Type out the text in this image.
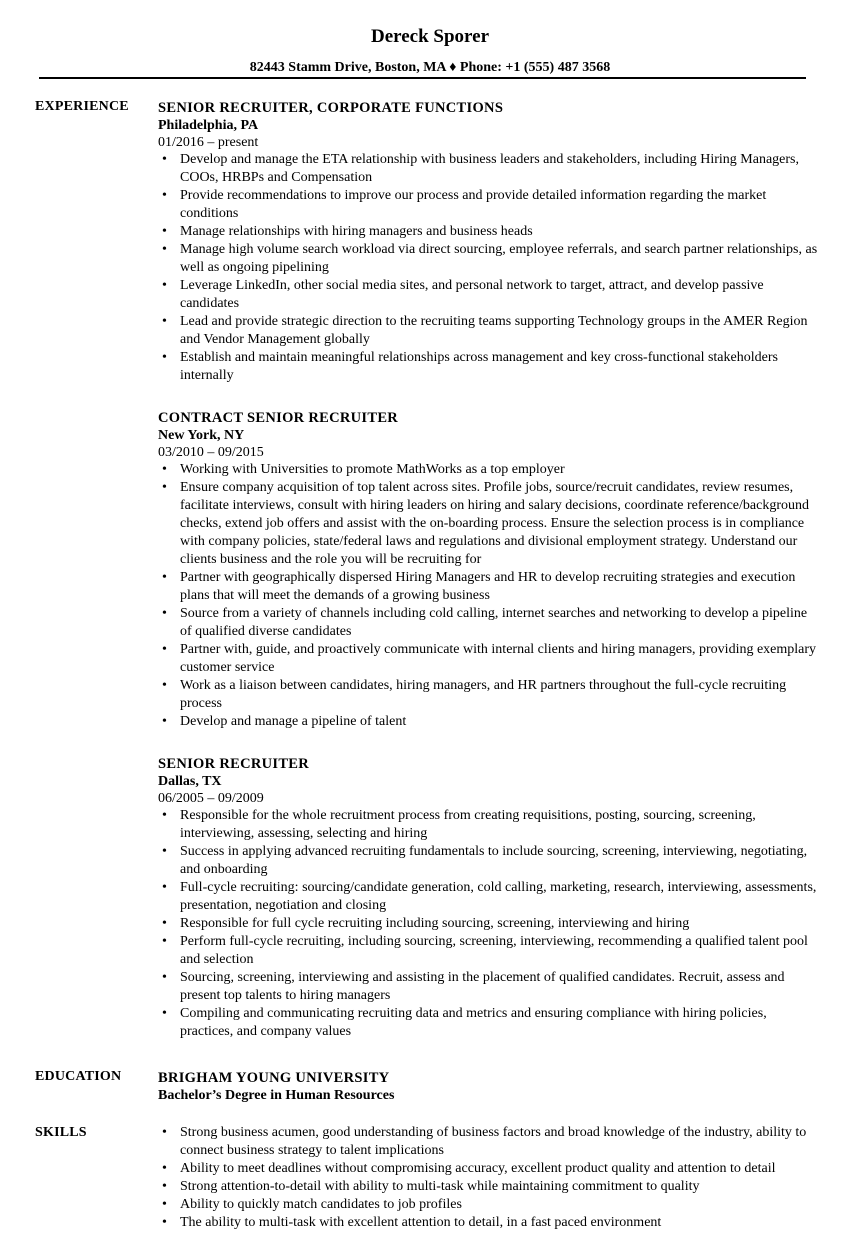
Dereck Sporer
82443 Stamm Drive, Boston, MA ♦ Phone: +1 (555) 487 3568
EXPERIENCE SENIOR RECRUITER, CORPORATE FUNCTIONS
Philadelphia, PA
01/2016 – present
• Develop and manage the ETA relationship with business leaders and stakeholders, including Hiring Managers, COOs, HRBPs and Compensation
• Provide recommendations to improve our process and provide detailed information regarding the market conditions
• Manage relationships with hiring managers and business heads
• Manage high volume search workload via direct sourcing, employee referrals, and search partner relationships, as well as ongoing pipelining
• Leverage LinkedIn, other social media sites, and personal network to target, attract, and develop passive candidates
• Lead and provide strategic direction to the recruiting teams supporting Technology groups in the AMER Region and Vendor Management globally
• Establish and maintain meaningful relationships across management and key cross-functional stakeholders internally
CONTRACT SENIOR RECRUITER
New York, NY
03/2010 – 09/2015
• Working with Universities to promote MathWorks as a top employer
• Ensure company acquisition of top talent across sites. Profile jobs, source/recruit candidates, review resumes, facilitate interviews, consult with hiring leaders on hiring and salary decisions, coordinate reference/background checks, extend job offers and assist with the on-boarding process. Ensure the selection process is in compliance with company policies, state/federal laws and regulations and divisional employment strategy. Understand our clients business and the role you will be recruiting for
• Partner with geographically dispersed Hiring Managers and HR to develop recruiting strategies and execution plans that will meet the demands of a growing business
• Source from a variety of channels including cold calling, internet searches and networking to develop a pipeline of qualified diverse candidates
• Partner with, guide, and proactively communicate with internal clients and hiring managers, providing exemplary customer service
• Work as a liaison between candidates, hiring managers, and HR partners throughout the full-cycle recruiting process
• Develop and manage a pipeline of talent
SENIOR RECRUITER
Dallas, TX
06/2005 – 09/2009
• Responsible for the whole recruitment process from creating requisitions, posting, sourcing, screening, interviewing, assessing, selecting and hiring
• Success in applying advanced recruiting fundamentals to include sourcing, screening, interviewing, negotiating, and onboarding
• Full-cycle recruiting: sourcing/candidate generation, cold calling, marketing, research, interviewing, assessments, presentation, negotiation and closing
• Responsible for full cycle recruiting including sourcing, screening, interviewing and hiring
• Perform full-cycle recruiting, including sourcing, screening, interviewing, recommending a qualified talent pool and selection
• Sourcing, screening, interviewing and assisting in the placement of qualified candidates. Recruit, assess and present top talents to hiring managers
• Compiling and communicating recruiting data and metrics and ensuring compliance with hiring policies, practices, and company values
EDUCATION	BRIGHAM YOUNG UNIVERSITY
Bachelor’s Degree in Human Resources
SKILLS	• Strong business acumen, good understanding of business factors and broad knowledge of the industry, ability to connect business strategy to talent implications
• Ability to meet deadlines without compromising accuracy, excellent product quality and attention to detail
• Strong attention-to-detail with ability to multi-task while maintaining commitment to quality
• Ability to quickly match candidates to job profiles
• The ability to multi-task with excellent attention to detail, in a fast paced environment
